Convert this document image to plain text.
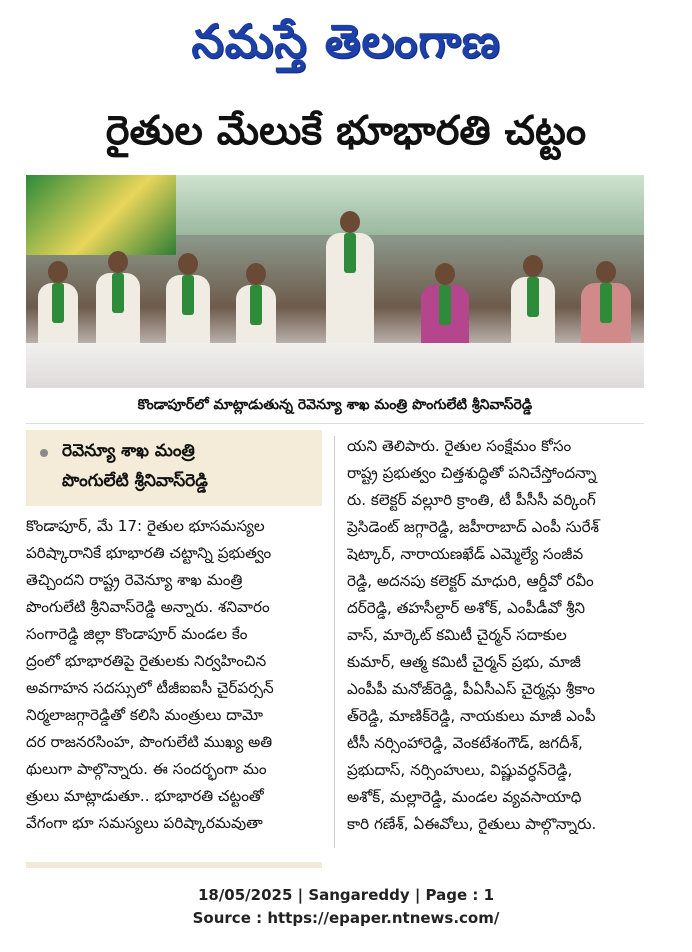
నమస్తే తెలంగాణ
రైతుల మేలుకే భూభారతి చట్టం
కొండాపూర్‌లో మాట్లాడుతున్న రెవెన్యూ శాఖ మంత్రి పొంగులేటి శ్రీనివాస్‌రెడ్డి
రెవెన్యూ శాఖ మంత్రి
పొంగులేటి శ్రీనివాస్‌రెడ్డి
కొండాపూర్, మే 17: రైతుల భూసమస్యల
పరిష్కారానికే భూభారతి చట్టాన్ని ప్రభుత్వం
తెచ్చిందని రాష్ట్ర రెవెన్యూ శాఖ మంత్రి
పొంగులేటి శ్రీనివాస్‌రెడ్డి అన్నారు. శనివారం
సంగారెడ్డి జిల్లా కొండాపూర్ మండల కేం
ద్రంలో భూభారతిపై రైతులకు నిర్వహించిన
అవగాహన సదస్సులో టీజీఐఐసీ చైర్‌పర్సన్
నిర్మలాజగ్గారెడ్డితో కలిసి మంత్రులు దామో
దర రాజనరసింహ, పొంగులేటి ముఖ్య అతి
థులుగా పాల్గొన్నారు. ఈ సందర్భంగా మం
త్రులు మాట్లాడుతూ.. భూభారతి చట్టంతో
వేగంగా భూ సమస్యలు పరిష్కారమవుతా
యని తెలిపారు. రైతుల సంక్షేమం కోసం
రాష్ట్ర ప్రభుత్వం చిత్తశుద్ధితో పనిచేస్తోందన్నా
రు. కలెక్టర్ వల్లూరి క్రాంతి, టీ పీసీసీ వర్కింగ్
ప్రెసిడెంట్ జగ్గారెడ్డి, జహీరాబాద్ ఎంపీ సురేశ్
షెట్కార్, నారాయణఖేడ్ ఎమ్మెల్యే సంజీవ
రెడ్డి, అదనపు కలెక్టర్ మాధురి, ఆర్డీవో రవీం
దర్‌రెడ్డి, తహసీల్దార్ అశోక్, ఎంపీడీవో శ్రీని
వాస్, మార్కెట్ కమిటీ చైర్మన్ సదాకుల
కుమార్, ఆత్మ కమిటీ చైర్మన్ ప్రభు, మాజీ
ఎంపీపీ మనోజ్‌రెడ్డి, పీఏసీఎస్ చైర్మన్లు శ్రీకాం
త్‌రెడ్డి, మాణిక్‌రెడ్డి, నాయకులు మాజీ ఎంపీ
టీసీ నర్సింహారెడ్డి, వెంకటేశంగౌడ్, జగదీశ్,
ప్రభుదాస్, నర్సింహులు, విష్ణువర్ధన్‌రెడ్డి,
అశోక్, మల్లారెడ్డి, మండల వ్యవసాయాధి
కారి గణేశ్, ఏఈవోలు, రైతులు పాల్గొన్నారు.
18/05/2025 | Sangareddy | Page : 1
Source : https://epaper.ntnews.com/
